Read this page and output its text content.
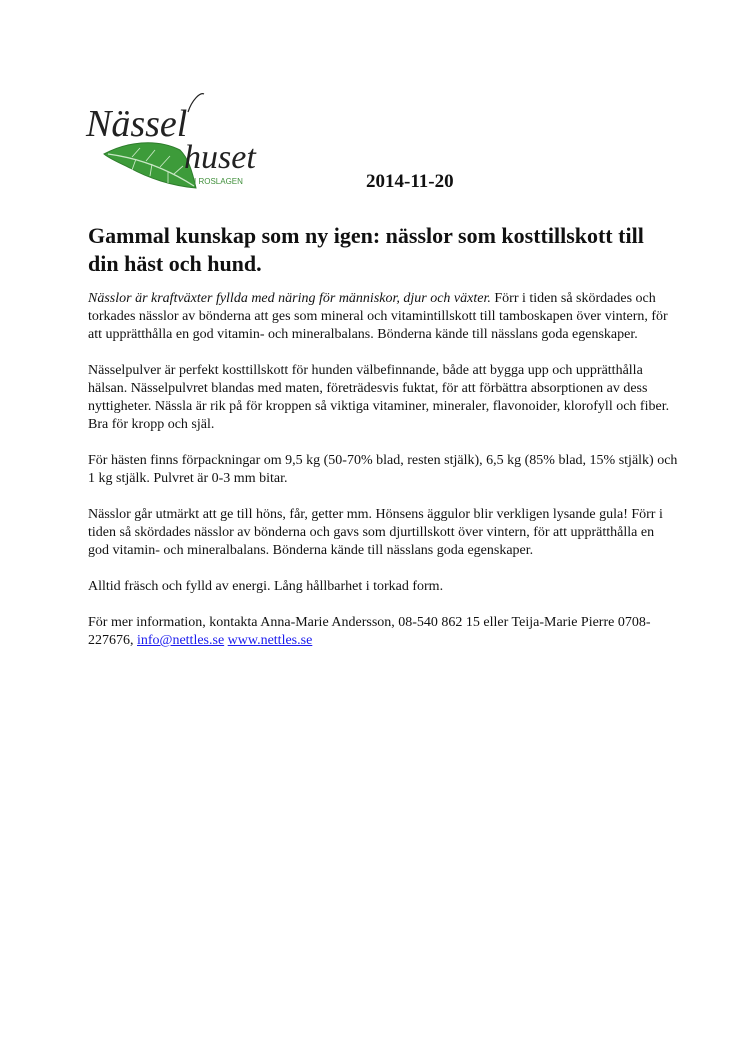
Nässel
huset
I ROSLAGEN	2014-11-20
Gammal kunskap som ny igen: nässlor som kosttillskott till din häst och hund.

Nässlor är kraftväxter fyllda med näring för människor, djur och växter. Förr i tiden så skördades och torkades nässlor av bönderna att ges som mineral och vitamintillskott till tamboskapen över vintern, för att upprätthålla en god vitamin- och mineralbalans. Bönderna kände till nässlans goda egenskaper.

Nässelpulver är perfekt kosttillskott för hunden välbefinnande, både att bygga upp och upprätthålla hälsan. Nässelpulvret blandas med maten, företrädesvis fuktat, för att förbättra absorptionen av dess nyttigheter. Nässla är rik på för kroppen så viktiga vitaminer, mineraler, flavonoider, klorofyll och fiber. Bra för kropp och själ.

För hästen finns förpackningar om 9,5 kg (50-70% blad, resten stjälk), 6,5 kg (85% blad, 15% stjälk) och 1 kg stjälk. Pulvret är 0-3 mm bitar.

Nässlor går utmärkt att ge till höns, får, getter mm. Hönsens äggulor blir verkligen lysande gula! Förr i tiden så skördades nässlor av bönderna och gavs som djurtillskott över vintern, för att upprätthålla en god vitamin- och mineralbalans. Bönderna kände till nässlans goda egenskaper.

Alltid fräsch och fylld av energi. Lång hållbarhet i torkad form.

För mer information, kontakta Anna-Marie Andersson, 08-540 862 15 eller Teija-Marie Pierre 0708-227676, info@nettles.se www.nettles.se
